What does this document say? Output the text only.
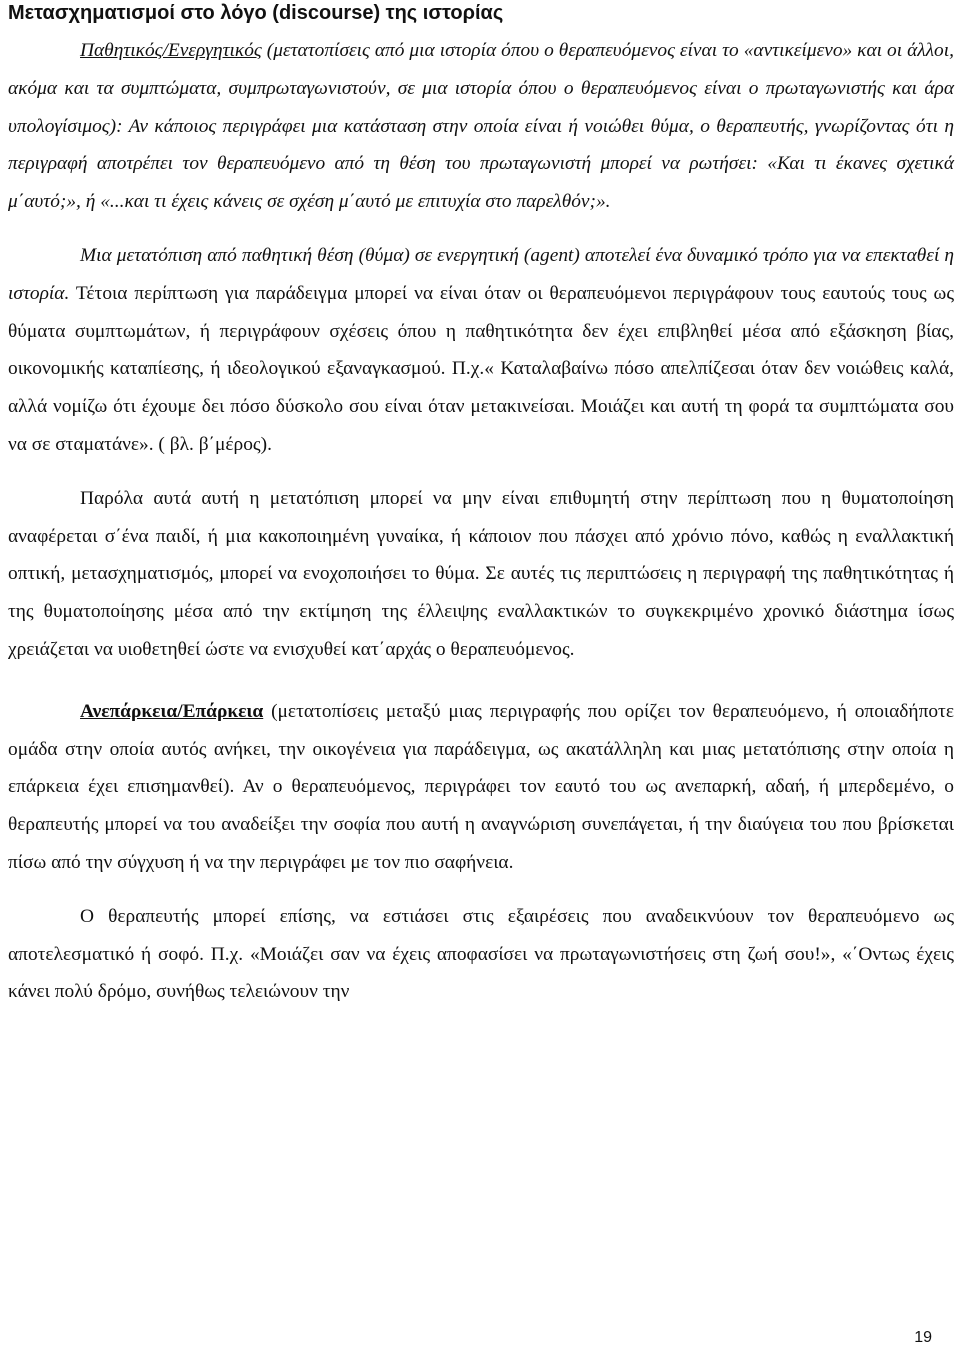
Μετασχηματισμοί στο λόγο (discourse) της ιστορίας

Παθητικός/Ενεργητικός (μετατοπίσεις από μια ιστορία όπου ο θεραπευόμενος είναι το «αντικείμενο» και οι άλλοι, ακόμα και τα συμπτώματα, συμπρωταγωνιστούν, σε μια ιστορία όπου ο θεραπευόμενος είναι ο πρωταγωνιστής και άρα υπολογίσιμος): Αν κάποιος περιγράφει μια κατάσταση στην οποία είναι ή νοιώθει θύμα, ο θεραπευτής, γνωρίζοντας ότι η περιγραφή αποτρέπει τον θεραπευόμενο από τη θέση του πρωταγωνιστή μπορεί να ρωτήσει: «Και τι έκανες σχετικά μ΄αυτό;», ή «...και τι έχεις κάνεις σε σχέση μ΄αυτό με επιτυχία στο παρελθόν;».

Μια μετατόπιση από παθητική θέση (θύμα) σε ενεργητική (agent) αποτελεί ένα δυναμικό τρόπο για να επεκταθεί η ιστορία. Τέτοια περίπτωση για παράδειγμα μπορεί να είναι όταν οι θεραπευόμενοι περιγράφουν τους εαυτούς τους ως θύματα συμπτωμάτων, ή περιγράφουν σχέσεις όπου η παθητικότητα δεν έχει επιβληθεί μέσα από εξάσκηση βίας, οικονομικής καταπίεσης, ή ιδεολογικού εξαναγκασμού. Π.χ.« Καταλαβαίνω πόσο απελπίζεσαι όταν δεν νοιώθεις καλά, αλλά νομίζω ότι έχουμε δει πόσο δύσκολο σου είναι όταν μετακινείσαι. Μοιάζει και αυτή τη φορά τα συμπτώματα σου να σε σταματάνε». ( βλ. β΄μέρος).

Παρόλα αυτά αυτή η μετατόπιση μπορεί να μην είναι επιθυμητή στην περίπτωση που η θυματοποίηση αναφέρεται σ΄ένα παιδί, ή μια κακοποιημένη γυναίκα, ή κάποιον που πάσχει από χρόνιο πόνο, καθώς η εναλλακτική οπτική, μετασχηματισμός, μπορεί να ενοχοποιήσει το θύμα. Σε αυτές τις περιπτώσεις η περιγραφή της παθητικότητας ή της θυματοποίησης μέσα από την εκτίμηση της έλλειψης εναλλακτικών το συγκεκριμένο χρονικό διάστημα ίσως χρειάζεται να υιοθετηθεί ώστε να ενισχυθεί κατ΄αρχάς ο θεραπευόμενος.

Ανεπάρκεια/Επάρκεια (μετατοπίσεις μεταξύ μιας περιγραφής που ορίζει τον θεραπευόμενο, ή οποιαδήποτε ομάδα στην οποία αυτός ανήκει, την οικογένεια για παράδειγμα, ως ακατάλληλη και μιας μετατόπισης στην οποία η επάρκεια έχει επισημανθεί). Αν ο θεραπευόμενος, περιγράφει τον εαυτό του ως ανεπαρκή, αδαή, ή μπερδεμένο, ο θεραπευτής μπορεί να του αναδείξει την σοφία που αυτή η αναγνώριση συνεπάγεται, ή την διαύγεια του που βρίσκεται πίσω από την σύγχυση ή να την περιγράφει με τον πιο σαφήνεια.

Ο θεραπευτής μπορεί επίσης, να εστιάσει στις εξαιρέσεις που αναδεικνύουν τον θεραπευόμενο ως αποτελεσματικό ή σοφό. Π.χ. «Μοιάζει σαν να έχεις αποφασίσει να πρωταγωνιστήσεις στη ζωή σου!», «΄Οντως έχεις κάνει πολύ δρόμο, συνήθως τελειώνουν την

19
